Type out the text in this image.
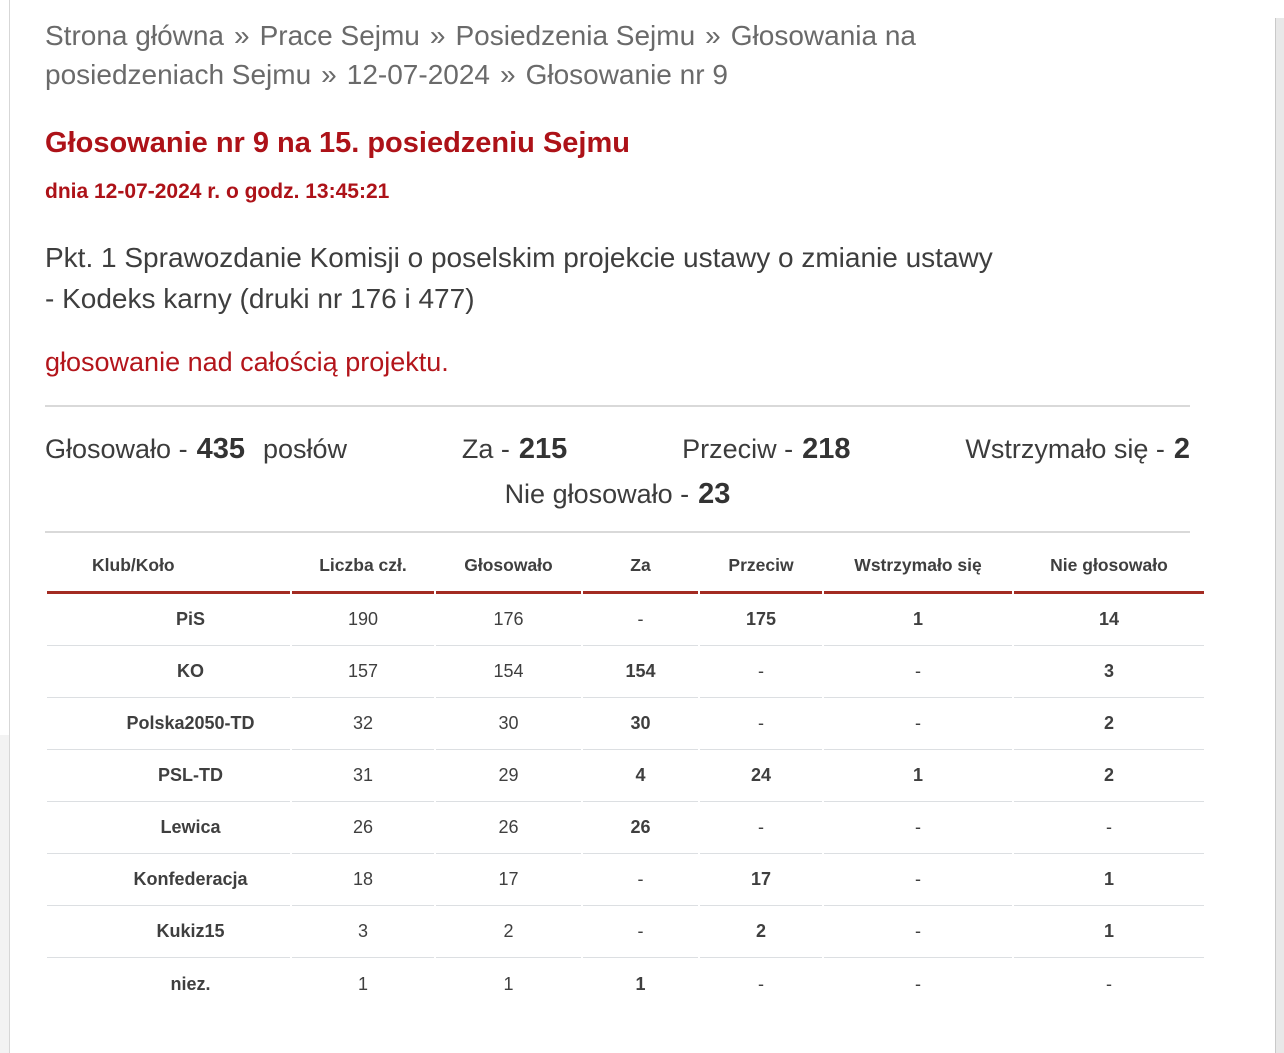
Strona główna » Prace Sejmu » Posiedzenia Sejmu » Głosowania na posiedzeniach Sejmu » 12-07-2024 » Głosowanie nr 9
Głosowanie nr 9 na 15. posiedzeniu Sejmu
dnia 12-07-2024 r. o godz. 13:45:21
Pkt. 1 Sprawozdanie Komisji o poselskim projekcie ustawy o zmianie ustawy - Kodeks karny (druki nr 176 i 477)
głosowanie nad całością projektu.
Głosowało - 435 posłów	Za - 215	Przeciw - 218	Wstrzymało się - 2
Nie głosowało - 23
Klub/Koło	Liczba czł.	Głosowało	Za	Przeciw	Wstrzymało się	Nie głosowało
PiS	190	176	-	175	1	14
KO	157	154	154	-	-	3
Polska2050-TD	32	30	30	-	-	2
PSL-TD	31	29	4	24	1	2
Lewica	26	26	26	-	-	-
Konfederacja	18	17	-	17	-	1
Kukiz15	3	2	-	2	-	1
niez.	1	1	1	-	-	-
